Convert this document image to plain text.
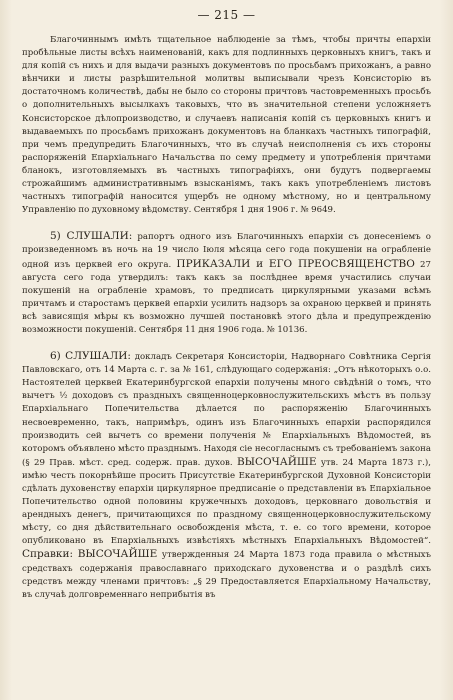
— 215 —

Благочиннымъ имѣть тщательное наблюденіе за тѣмъ, чтобы причты епархіи пробѣльные листы всѣхъ наименованій, какъ для подлинныхъ церковныхъ книгъ, такъ и для копій съ нихъ и для выдачи разныхъ документовъ по просьбамъ прихожанъ, а равно вѣнчики и листы разрѣшительной молитвы выписывали чрезъ Консисторію въ достаточномъ количествѣ, дабы не было со стороны причтовъ частовременныхъ просьбъ о дополнительныхъ высылкахъ таковыхъ, что въ значительной степени усложняетъ Консисторское дѣлопроизводство, и случаевъ написанія копій съ церковныхъ книгъ и выдаваемыхъ по просьбамъ прихожанъ документовъ на бланкахъ частныхъ типографій, при чемъ предупредить Благочинныхъ, что въ случаѣ неисполненія съ ихъ стороны распоряженій Епархіальнаго Начальства по сему предмету и употребленія причтами бланокъ, изготовляемыхъ въ частныхъ типографіяхъ, они будутъ подвергаемы строжайшимъ административнымъ взысканіямъ, такъ какъ употребленіемъ листовъ частныхъ типографій наносится ущербъ не одному мѣстному, но и центральному Управленію по духовному вѣдомству. Сентября 1 дня 1906 г. № 9649.

5) СЛУШАЛИ: рапортъ одного изъ Благочинныхъ епархіи съ донесеніемъ о произведенномъ въ ночь на 19 число Іюля мѣсяца сего года покушеніи на ограбленіе одной изъ церквей его округа. ПРИКАЗАЛИ и ЕГО ПРЕОСВЯЩЕНСТВО 27 августа сего года утвердилъ: такъ какъ за послѣднее время участились случаи покушеній на ограбленіе храмовъ, то предписать циркулярными указами всѣмъ причтамъ и старостамъ церквей епархіи усилить надзоръ за охраною церквей и принять всѣ зависящія мѣры къ возможно лучшей постановкѣ этого дѣла и предупрежденію возможности покушеній. Сентября 11 дня 1906 года. № 10136.

6) СЛУШАЛИ: докладъ Секретаря Консисторіи, Надворнаго Совѣтника Сергія Павловскаго, отъ 14 Марта с. г. за № 161, слѣдующаго содержанія: „Отъ нѣкоторыхъ о.о. Настоятелей церквей Екатеринбургской епархіи получены много свѣдѣній о томъ, что вычетъ ½ доходовъ съ праздныхъ священноцерковнослужительскихъ мѣстъ въ пользу Епархіальнаго Попечительства дѣлается по распоряженію Благочинныхъ несвоевременно, такъ, напримѣръ, одинъ изъ Благочинныхъ епархіи распорядился производить сей вычетъ со времени полученія № Епархіальныхъ Вѣдомостей, въ которомъ объявлено мѣсто празднымъ. Находя сіе несогласнымъ съ требованіемъ закона (§ 29 Прав. мѣст. сред. содерж. прав. духов. ВЫСОЧАЙШЕ утв. 24 Марта 1873 г.), имѣю честь покорнѣйше просить Присутствіе Екатеринбургской Духовной Консисторіи сдѣлать духовенству епархіи циркулярное предписаніе о представленіи въ Епархіальное Попечительство одной половины кружечныхъ доходовъ, церковнаго довольствія и арендныхъ денегъ, причитающихся по праздному священноцерковнослужительскому мѣсту, со дня дѣйствительнаго освобожденія мѣста, т. е. со того времени, которое опубликовано въ Епархіальныхъ извѣстіяхъ мѣстныхъ Епархіальныхъ Вѣдомостей“. Справки: ВЫСОЧАЙШЕ утвержденныя 24 Марта 1873 года правила о мѣстныхъ средствахъ содержанія православнаго приходскаго духовенства и о раздѣлѣ сихъ средствъ между членами причтовъ: „§ 29 Предоставляется Епархіальному Начальству, въ случаѣ долговременнаго неприбытія въ
